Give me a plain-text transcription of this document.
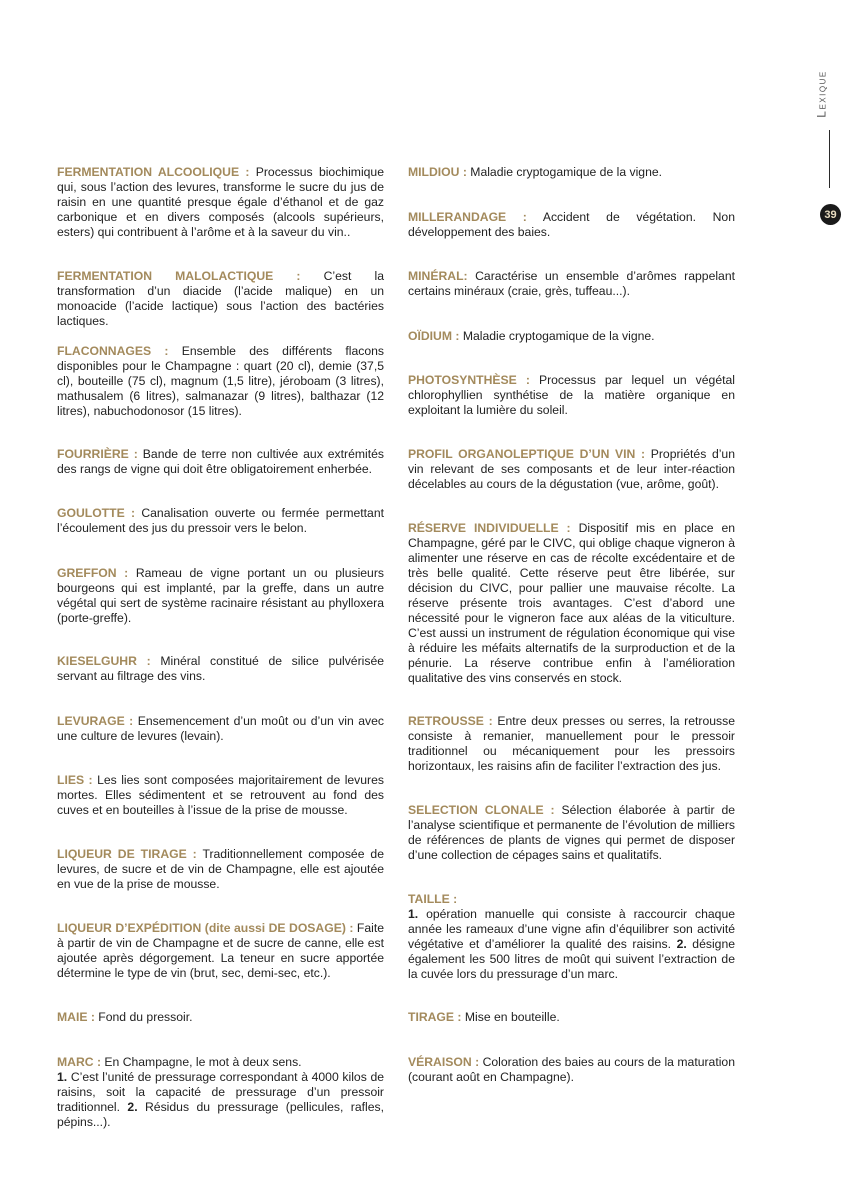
Lexique
39
FERMENTATION ALCOOLIQUE : Processus biochimique qui, sous l’action des levures, transforme le sucre du jus de raisin en une quantité presque égale d’éthanol et de gaz carbonique et en divers composés (alcools supérieurs, esters) qui contribuent à l’arôme et à la saveur du vin..
FERMENTATION MALOLACTIQUE : C’est la transformation d’un diacide (l’acide malique) en un monoacide (l’acide lactique) sous l’action des bactéries lactiques.
FLACONNAGES : Ensemble des différents flacons disponibles pour le Champagne : quart (20 cl), demie (37,5 cl), bouteille (75 cl), magnum (1,5 litre), jéroboam (3 litres), mathusalem (6 litres), salmanazar (9 litres), balthazar (12 litres), nabuchodonosor (15 litres).
FOURRIÈRE : Bande de terre non cultivée aux extrémités des rangs de vigne qui doit être obligatoirement enherbée.
GOULOTTE : Canalisation ouverte ou fermée permettant l’écoulement des jus du pressoir vers le belon.
GREFFON : Rameau de vigne portant un ou plusieurs bourgeons qui est implanté, par la greffe, dans un autre végétal qui sert de système racinaire résistant au phylloxera (porte-greffe).
KIESELGUHR : Minéral constitué de silice pulvérisée servant au filtrage des vins.
LEVURAGE : Ensemencement d’un moût ou d’un vin avec une culture de levures (levain).
LIES : Les lies sont composées majoritairement de levures mortes. Elles sédimentent et se retrouvent au fond des cuves et en bouteilles à l’issue de la prise de mousse.
LIQUEUR DE TIRAGE : Traditionnellement composée de levures, de sucre et de vin de Champagne, elle est ajoutée en vue de la prise de mousse.
LIQUEUR D’EXPÉDITION (dite aussi DE DOSAGE) : Faite à partir de vin de Champagne et de sucre de canne, elle est ajoutée après dégorgement. La teneur en sucre apportée détermine le type de vin (brut, sec, demi-sec, etc.).
MAIE : Fond du pressoir.
MARC : En Champagne, le mot à deux sens.
1. C’est l’unité de pressurage correspondant à 4000 kilos de raisins, soit la capacité de pressurage d’un pressoir traditionnel. 2. Résidus du pressurage (pellicules, rafles, pépins...).
MILDIOU : Maladie cryptogamique de la vigne.
MILLERANDAGE : Accident de végétation. Non développement des baies.
MINÉRAL: Caractérise un ensemble d’arômes rappelant certains minéraux (craie, grès, tuffeau...).
OÏDIUM : Maladie cryptogamique de la vigne.
PHOTOSYNTHÈSE : Processus par lequel un végétal chlorophyllien synthétise de la matière organique en exploitant la lumière du soleil.
PROFIL ORGANOLEPTIQUE D’UN VIN : Propriétés d’un vin relevant de ses composants et de leur inter-réaction décelables au cours de la dégustation (vue, arôme, goût).
RÉSERVE INDIVIDUELLE : Dispositif mis en place en Champagne, géré par le CIVC, qui oblige chaque vigneron à alimenter une réserve en cas de récolte excédentaire et de très belle qualité. Cette réserve peut être libérée, sur décision du CIVC, pour pallier une mauvaise récolte. La réserve présente trois avantages. C’est d’abord une nécessité pour le vigneron face aux aléas de la viticulture. C’est aussi un instrument de régulation économique qui vise à réduire les méfaits alternatifs de la surproduction et de la pénurie. La réserve contribue enfin à l’amélioration qualitative des vins conservés en stock.
RETROUSSE : Entre deux presses ou serres, la retrousse consiste à remanier, manuellement pour le pressoir traditionnel ou mécaniquement pour les pressoirs horizontaux, les raisins afin de faciliter l’extraction des jus.
SELECTION CLONALE : Sélection élaborée à partir de l’analyse scientifique et permanente de l’évolution de milliers de références de plants de vignes qui permet de disposer d’une collection de cépages sains et qualitatifs.
TAILLE :
1. opération manuelle qui consiste à raccourcir chaque année les rameaux d’une vigne afin d’équilibrer son activité végétative et d’améliorer la qualité des raisins. 2. désigne également les 500 litres de moût qui suivent l’extraction de la cuvée lors du pressurage d’un marc.
TIRAGE : Mise en bouteille.
VÉRAISON : Coloration des baies au cours de la maturation (courant août en Champagne).
